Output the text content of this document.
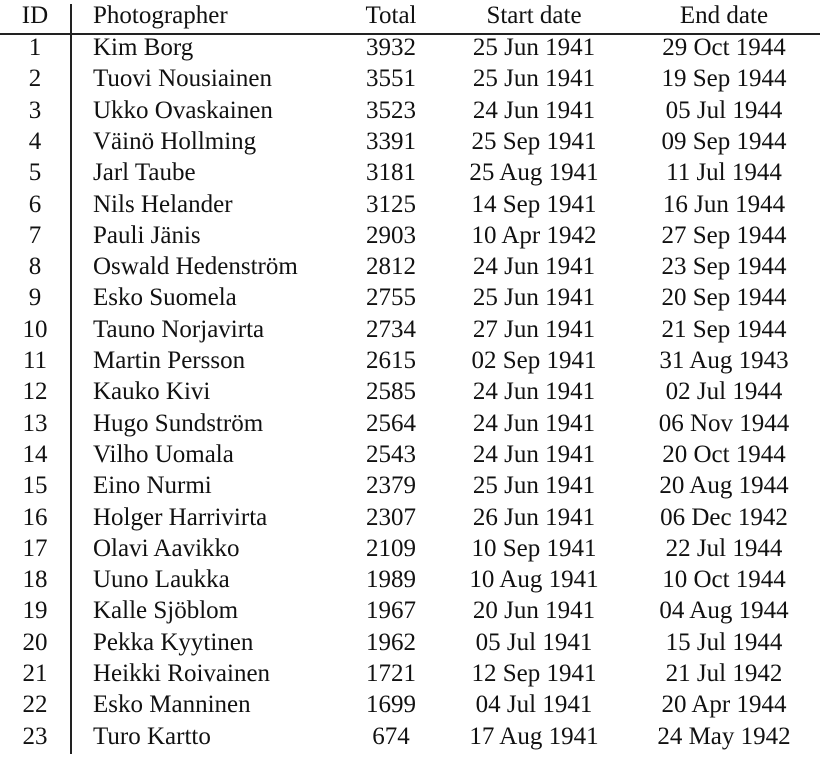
ID	Photographer	Total	Start date	End date
1	Kim Borg	3932	25 Jun 1941	29 Oct 1944
2	Tuovi Nousiainen	3551	25 Jun 1941	19 Sep 1944
3	Ukko Ovaskainen	3523	24 Jun 1941	05 Jul 1944
4	Väinö Hollming	3391	25 Sep 1941	09 Sep 1944
5	Jarl Taube	3181	25 Aug 1941	11 Jul 1944
6	Nils Helander	3125	14 Sep 1941	16 Jun 1944
7	Pauli Jänis	2903	10 Apr 1942	27 Sep 1944
8	Oswald Hedenström	2812	24 Jun 1941	23 Sep 1944
9	Esko Suomela	2755	25 Jun 1941	20 Sep 1944
10	Tauno Norjavirta	2734	27 Jun 1941	21 Sep 1944
11	Martin Persson	2615	02 Sep 1941	31 Aug 1943
12	Kauko Kivi	2585	24 Jun 1941	02 Jul 1944
13	Hugo Sundström	2564	24 Jun 1941	06 Nov 1944
14	Vilho Uomala	2543	24 Jun 1941	20 Oct 1944
15	Eino Nurmi	2379	25 Jun 1941	20 Aug 1944
16	Holger Harrivirta	2307	26 Jun 1941	06 Dec 1942
17	Olavi Aavikko	2109	10 Sep 1941	22 Jul 1944
18	Uuno Laukka	1989	10 Aug 1941	10 Oct 1944
19	Kalle Sjöblom	1967	20 Jun 1941	04 Aug 1944
20	Pekka Kyytinen	1962	05 Jul 1941	15 Jul 1944
21	Heikki Roivainen	1721	12 Sep 1941	21 Jul 1942
22	Esko Manninen	1699	04 Jul 1941	20 Apr 1944
23	Turo Kartto	674	17 Aug 1941	24 May 1942
